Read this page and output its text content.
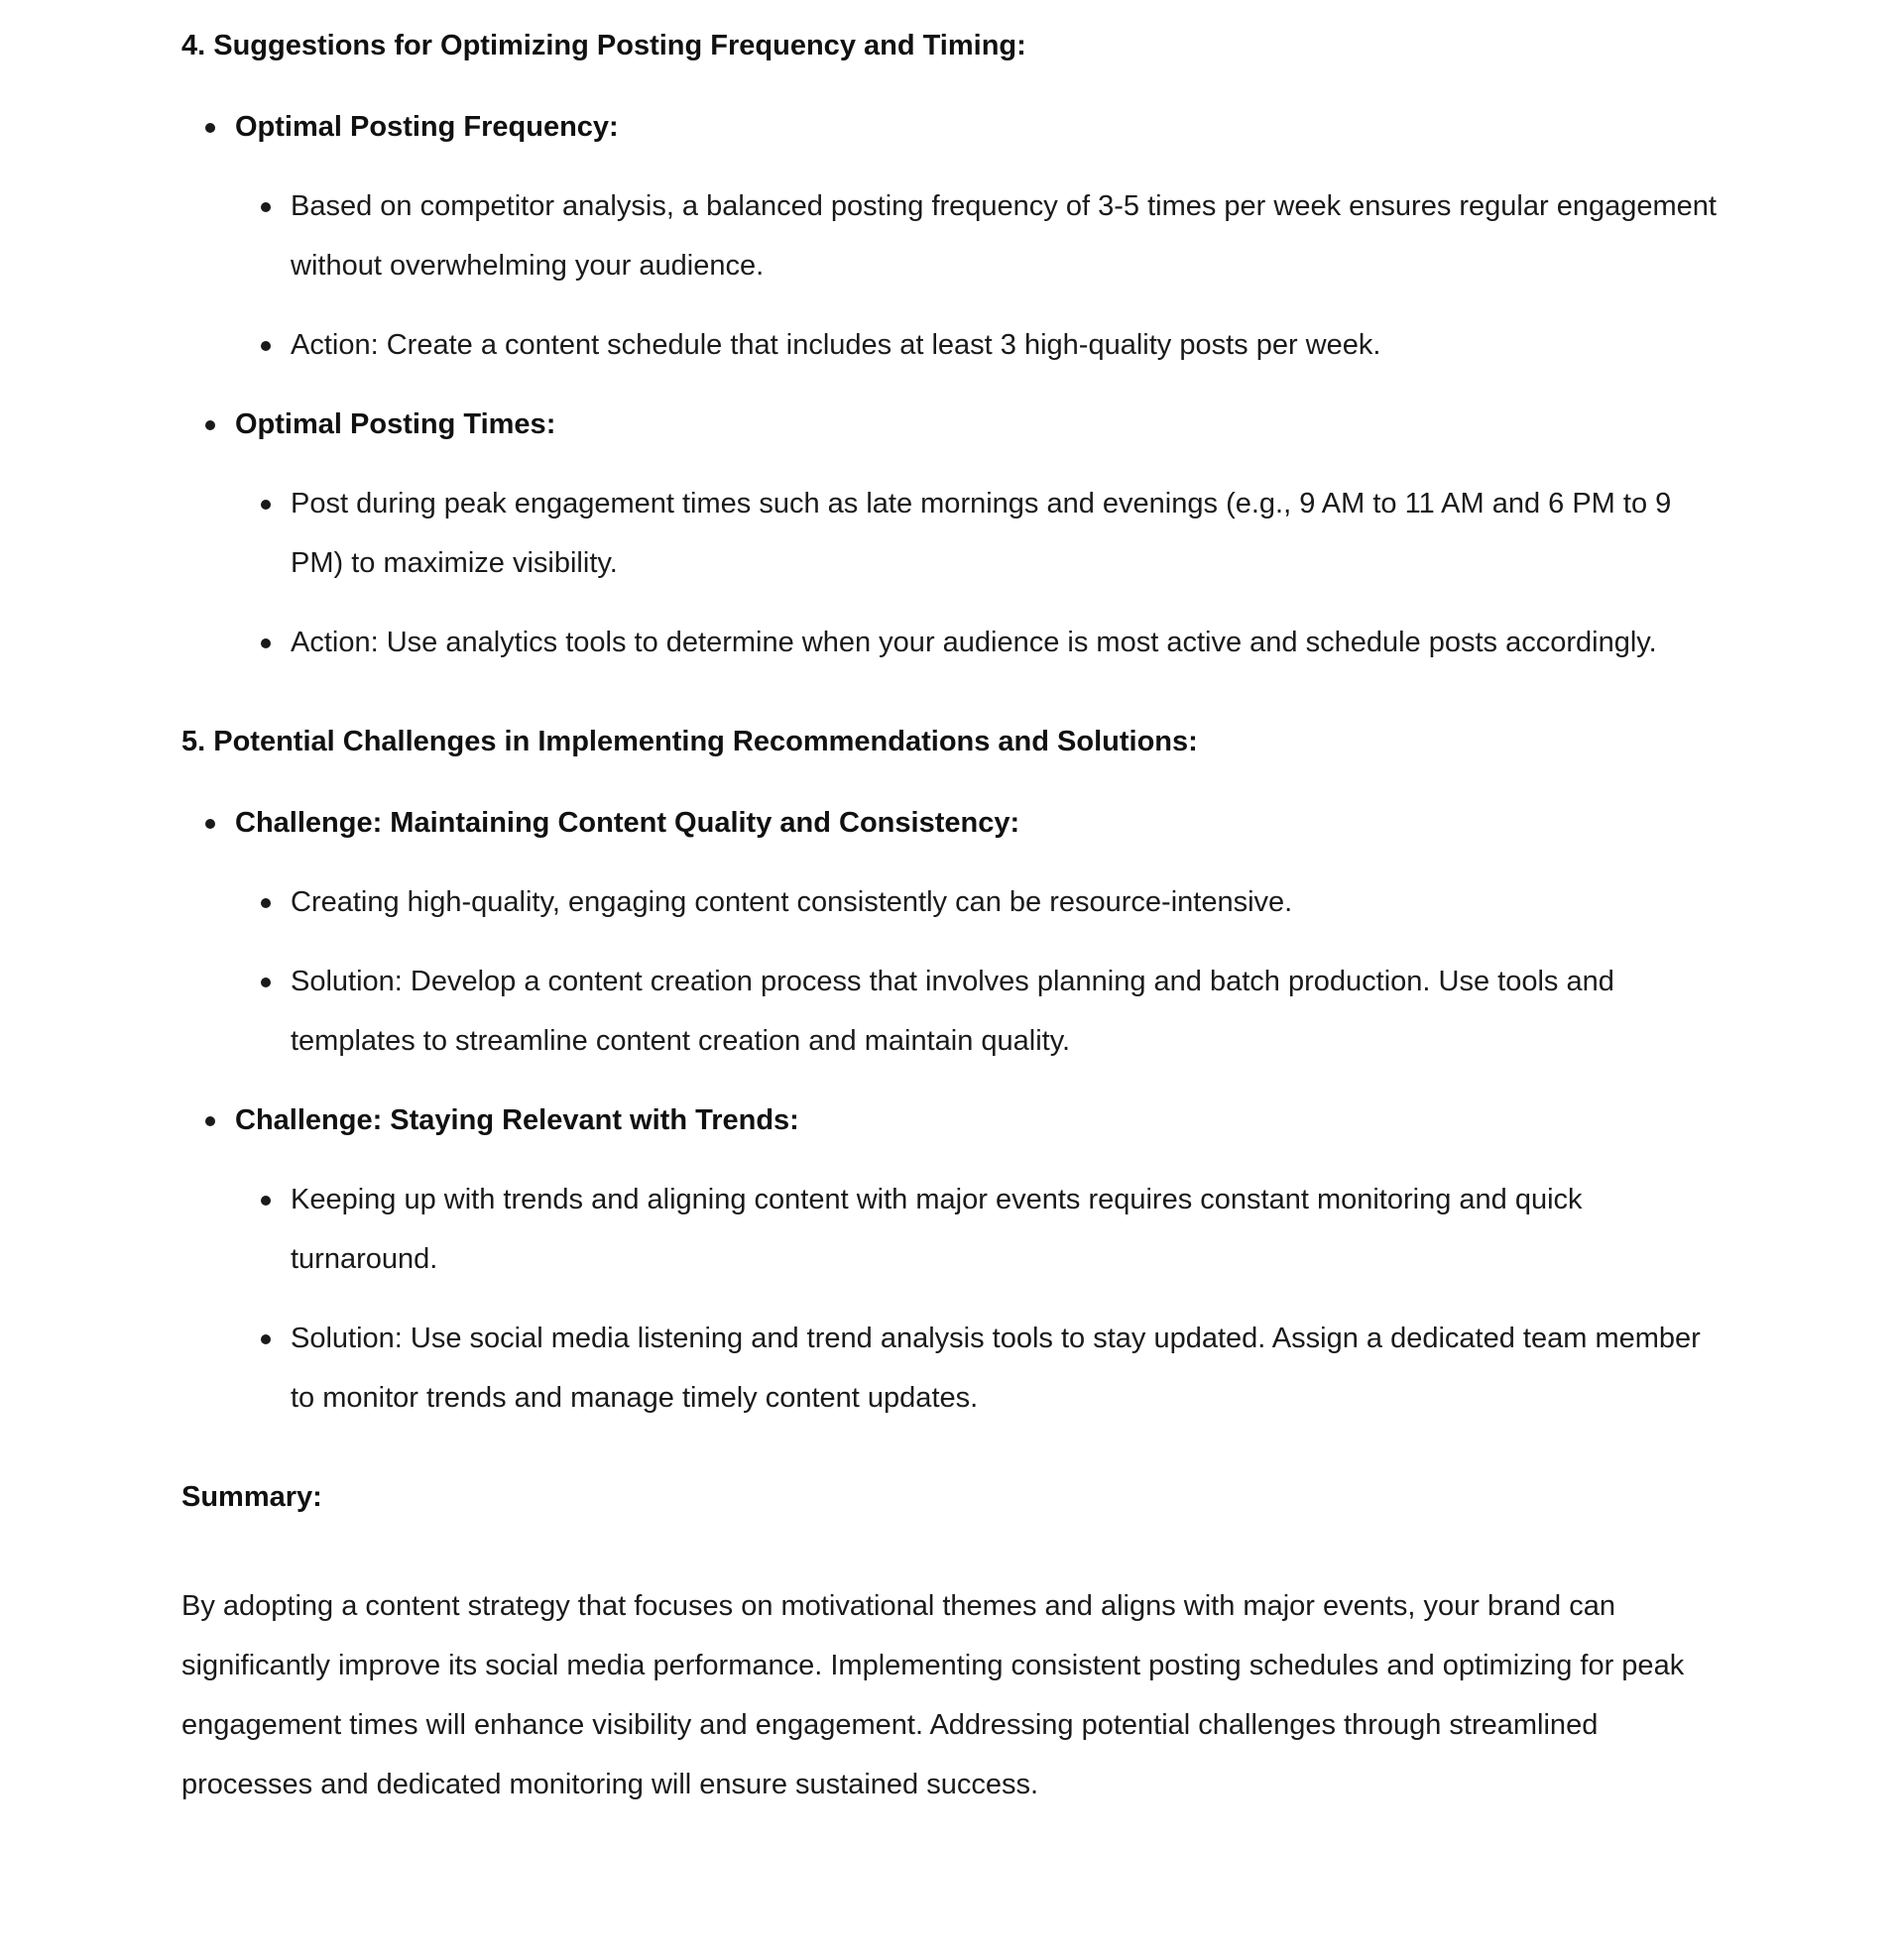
4. Suggestions for Optimizing Posting Frequency and Timing:
Optimal Posting Frequency:
Based on competitor analysis, a balanced posting frequency of 3-5 times per week ensures regular engagement without overwhelming your audience.
Action: Create a content schedule that includes at least 3 high-quality posts per week.
Optimal Posting Times:
Post during peak engagement times such as late mornings and evenings (e.g., 9 AM to 11 AM and 6 PM to 9 PM) to maximize visibility.
Action: Use analytics tools to determine when your audience is most active and schedule posts accordingly.
5. Potential Challenges in Implementing Recommendations and Solutions:
Challenge: Maintaining Content Quality and Consistency:
Creating high-quality, engaging content consistently can be resource-intensive.
Solution: Develop a content creation process that involves planning and batch production. Use tools and templates to streamline content creation and maintain quality.
Challenge: Staying Relevant with Trends:
Keeping up with trends and aligning content with major events requires constant monitoring and quick turnaround.
Solution: Use social media listening and trend analysis tools to stay updated. Assign a dedicated team member to monitor trends and manage timely content updates.
Summary:

By adopting a content strategy that focuses on motivational themes and aligns with major events, your brand can significantly improve its social media performance. Implementing consistent posting schedules and optimizing for peak engagement times will enhance visibility and engagement. Addressing potential challenges through streamlined processes and dedicated monitoring will ensure sustained success.
